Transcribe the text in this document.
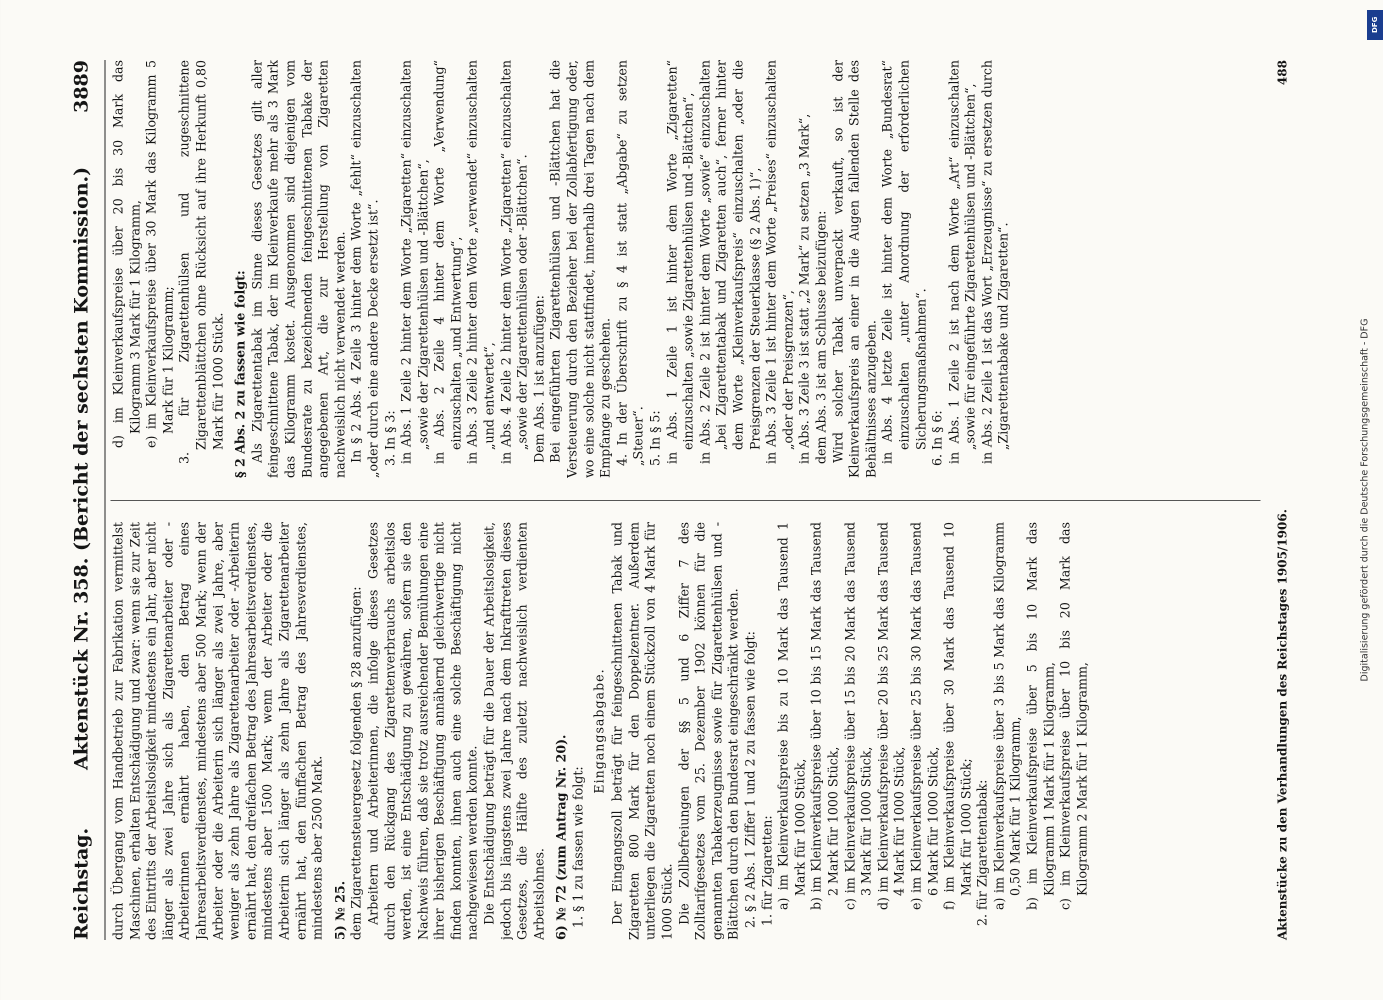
Reichstag.
Aktenstück Nr. 358. (Bericht der sechsten Kommission.)
3889

durch Übergang vom Handbetrieb zur Fabrikation vermittelst Maschinen, erhalten Entschädigung und zwar: wenn sie zur Zeit des Eintritts der Arbeitslosigkeit mindestens ein Jahr, aber nicht länger als zwei Jahre sich als Zigarettenarbeiter oder -Arbeiterinnen ernährt haben, den Betrag eines Jahresarbeitsverdienstes, mindestens aber 500 Mark; wenn der Arbeiter oder die Arbeiterin sich länger als zwei Jahre, aber weniger als zehn Jahre als Zigarettenarbeiter oder -Arbeiterin ernährt hat, den dreifachen Betrag des Jahresarbeitsverdienstes, mindestens aber 1500 Mark; wenn der Arbeiter oder die Arbeiterin sich länger als zehn Jahre als Zigarettenarbeiter ernährt hat, den fünffachen Betrag des Jahresverdienstes, mindestens aber 2500 Mark. 5) № 25. dem Zigarettensteuergesetz folgenden § 28 anzufügen: Arbeitern und Arbeiterinnen, die infolge dieses Gesetzes durch den Rückgang des Zigarettenverbrauchs arbeitslos werden, ist eine Entschädigung zu gewähren, sofern sie den Nachweis führen, daß sie trotz ausreichender Bemühungen eine ihrer bisherigen Beschäftigung annähernd gleichwertige nicht finden konnten, ihnen auch eine solche Beschäftigung nicht nachgewiesen werden konnte. Die Entschädigung beträgt für die Dauer der Arbeitslosigkeit, jedoch bis längstens zwei Jahre nach dem Inkrafttreten dieses Gesetzes, die Hälfte des zuletzt nachweislich verdienten Arbeitslohnes. 6) № 72 (zum Antrag Nr. 20). 1. § 1 zu fassen wie folgt:

Eingangsabgabe. Der Eingangszoll beträgt für feingeschnittenen Tabak und Zigaretten 800 Mark für den Doppelzentner. Außerdem unterliegen die Zigaretten noch einem Stückzoll von 4 Mark für 1000 Stück. Die Zollbefreiungen der §§ 5 und 6 Ziffer 7 des Zolltarifgesetzes vom 25. Dezember 1902 können für die genannten Tabakerzeugnisse sowie für Zigarettenhülsen und -Blättchen durch den Bundesrat eingeschränkt werden. 2. § 2 Abs. 1 Ziffer 1 und 2 zu fassen wie folgt: 1. für Zigaretten: a) im Kleinverkaufspreise bis zu 10 Mark das Tausend 1 Mark für 1000 Stück, b) im Kleinverkaufspreise über 10 bis 15 Mark das Tausend 2 Mark für 1000 Stück, c) im Kleinverkaufspreise über 15 bis 20 Mark das Tausend 3 Mark für 1000 Stück, d) im Kleinverkaufspreise über 20 bis 25 Mark das Tausend 4 Mark für 1000 Stück, e) im Kleinverkaufspreise über 25 bis 30 Mark das Tausend 6 Mark für 1000 Stück, f) im Kleinverkaufspreise über 30 Mark das Tausend 10 Mark für 1000 Stück; 2. für Zigarettentabak: a) im Kleinverkaufspreise über 3 bis 5 Mark das Kilogramm 0,50 Mark für 1 Kilogramm, b) im Kleinverkaufspreise über 5 bis 10 Mark das Kilogramm 1 Mark für 1 Kilogramm, c) im Kleinverkaufspreise über 10 bis 20 Mark das Kilogramm 2 Mark für 1 Kilogramm,

d) im Kleinverkaufspreise über 20 bis 30 Mark das Kilogramm 3 Mark für 1 Kilogramm, e) im Kleinverkaufspreise über 30 Mark das Kilogramm 5 Mark für 1 Kilogramm; 3. für Zigarettenhülsen und zugeschnittene Zigarettenblättchen ohne Rücksicht auf ihre Herkunft 0,80 Mark für 1000 Stück. § 2 Abs. 2 zu fassen wie folgt: Als Zigarettentabak im Sinne dieses Gesetzes gilt aller feingeschnittene Tabak, der im Kleinverkaufe mehr als 3 Mark das Kilogramm kostet. Ausgenommen sind diejenigen vom Bundesrate zu bezeichnenden feingeschnittenen Tabake der angegebenen Art, die zur Herstellung von Zigaretten nachweislich nicht verwendet werden. In § 2 Abs. 4 Zeile 3 hinter dem Worte „fehlt“ einzuschalten „oder durch eine andere Decke ersetzt ist“. 3. In § 3: in Abs. 1 Zeile 2 hinter dem Worte „Zigaretten“ einzuschalten „sowie der Zigarettenhülsen und -Blättchen“, in Abs. 2 Zeile 4 hinter dem Worte „Verwendung“ einzuschalten „und Entwertung“, in Abs. 3 Zeile 2 hinter dem Worte „verwendet“ einzuschalten „und entwertet“, in Abs. 4 Zeile 2 hinter dem Worte „Zigaretten“ einzuschalten „sowie der Zigarettenhülsen oder -Blättchen“. Dem Abs. 1 ist anzufügen: Bei eingeführten Zigarettenhülsen und -Blättchen hat die Versteuerung durch den Bezieher bei der Zollabfertigung oder, wo eine solche nicht stattfindet, innerhalb drei Tagen nach dem Empfange zu geschehen. 4. In der Überschrift zu § 4 ist statt „Abgabe“ zu setzen „Steuer“. 5. In § 5: in Abs. 1 Zeile 1 ist hinter dem Worte „Zigaretten“ einzuschalten „sowie Zigarettenhülsen und -Blättchen“, in Abs. 2 Zeile 2 ist hinter dem Worte „sowie“ einzuschalten „bei Zigarettentabak und Zigaretten auch“, ferner hinter dem Worte „Kleinverkaufspreis“ einzuschalten „oder die Preisgrenzen der Steuerklasse (§ 2 Abs. 1)“, in Abs. 3 Zeile 1 ist hinter dem Worte „Preises“ einzuschalten „oder der Preisgrenzen“, in Abs. 3 Zeile 3 ist statt „2 Mark“ zu setzen „3 Mark“, dem Abs. 3 ist am Schlusse beizufügen: Wird solcher Tabak unverpackt verkauft, so ist der Kleinverkaufspreis an einer in die Augen fallenden Stelle des Behältnisses anzugeben. in Abs. 4 letzte Zeile ist hinter dem Worte „Bundesrat“ einzuschalten „unter Anordnung der erforderlichen Sicherungsmaßnahmen“. 6. In § 6: in Abs. 1 Zeile 2 ist nach dem Worte „Art“ einzuschalten „sowie für eingeführte Zigarettenhülsen und -Blättchen“, in Abs. 2 Zeile 1 ist das Wort „Erzeugnisse“ zu ersetzen durch „Zigarettentabake und Zigaretten“.

Aktenstücke zu den Verhandlungen des Reichstages 1905/1906.
488
Digitalisierung gefördert durch die Deutsche Forschungsgemeinschaft - DFG
DFG
